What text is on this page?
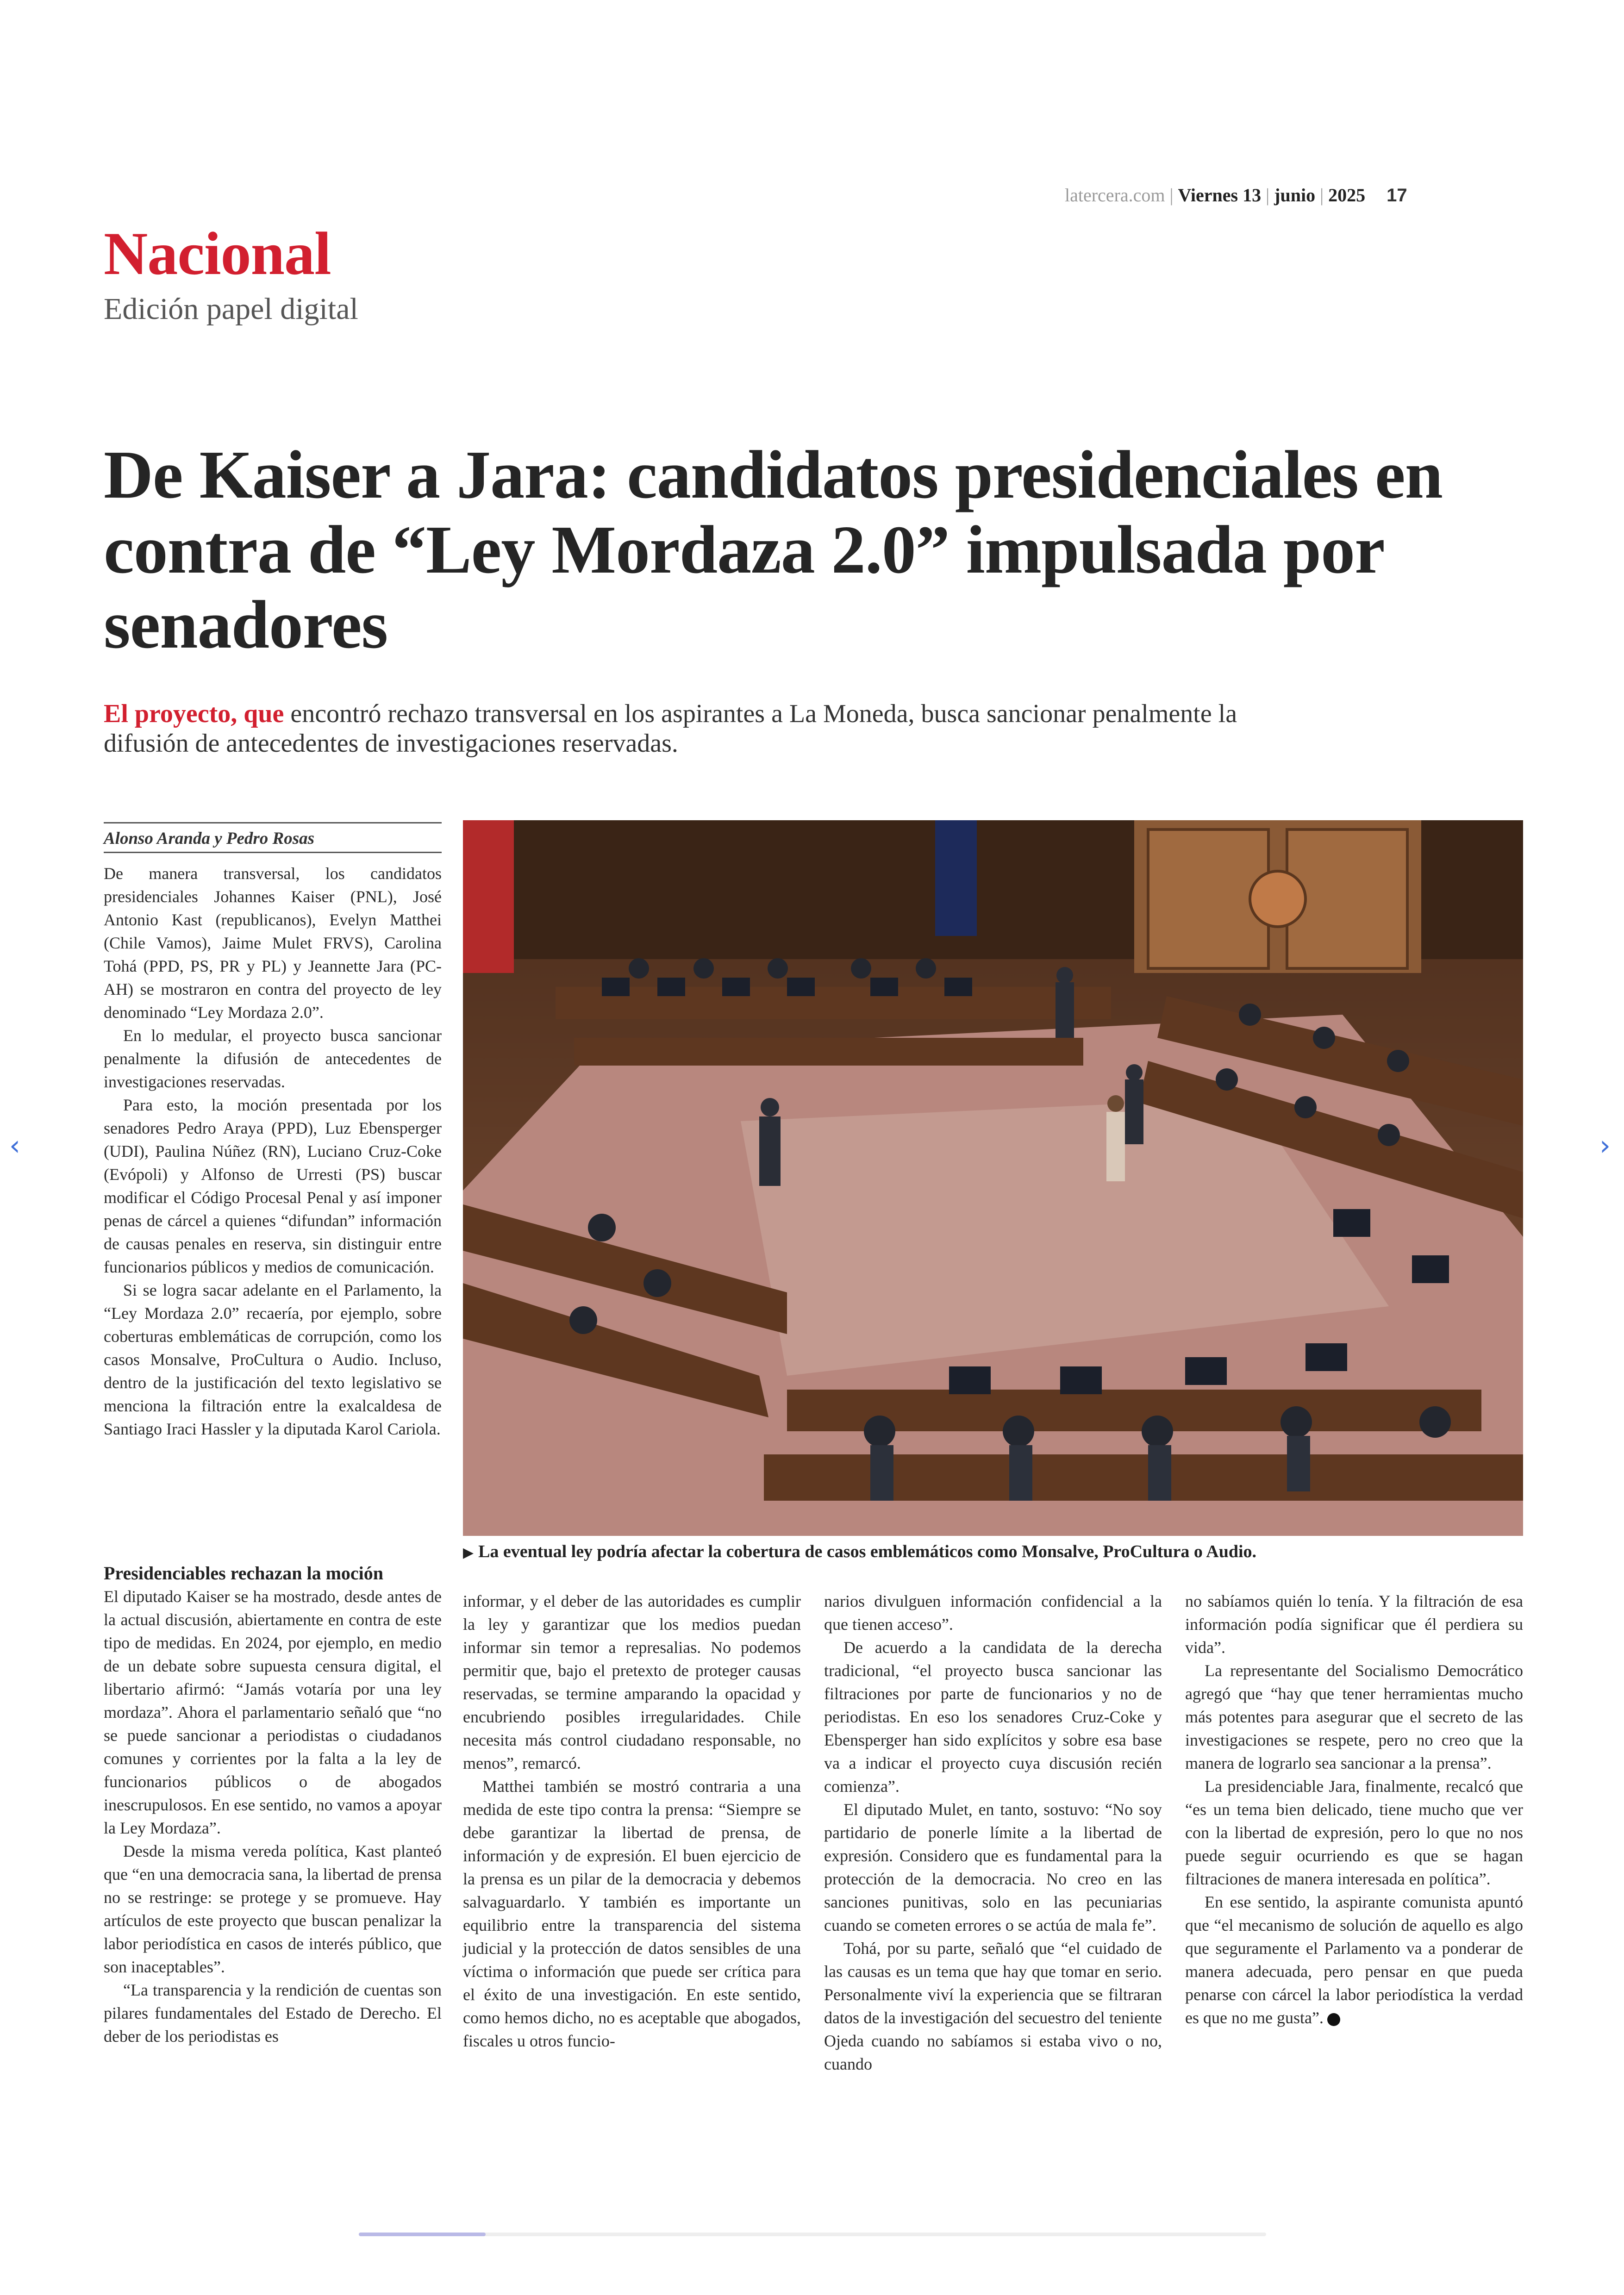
latercera.com | Viernes 13 | junio | 2025 17
Nacional
Edición papel digital
De Kaiser a Jara: candidatos presidenciales en contra de “Ley Mordaza 2.0” impulsada por senadores
El proyecto, que encontró rechazo transversal en los aspirantes a La Moneda, busca sancionar penalmente la difusión de antecedentes de investigaciones reservadas.
Alonso Aranda y Pedro Rosas

De manera transversal, los candidatos presidenciales Johannes Kaiser (PNL), José Antonio Kast (republicanos), Evelyn Matthei (Chile Vamos), Jaime Mulet FRVS), Carolina Tohá (PPD, PS, PR y PL) y Jeannette Jara (PC-AH) se mostraron en contra del proyecto de ley denominado “Ley Mordaza 2.0”.

En lo medular, el proyecto busca sancionar penalmente la difusión de antecedentes de investigaciones reservadas.

Para esto, la moción presentada por los senadores Pedro Araya (PPD), Luz Ebensperger (UDI), Paulina Núñez (RN), Luciano Cruz-Coke (Evópoli) y Alfonso de Urresti (PS) buscar modificar el Código Procesal Penal y así imponer penas de cárcel a quienes “difundan” información de causas penales en reserva, sin distinguir entre funcionarios públicos y medios de comunicación.

Si se logra sacar adelante en el Parlamento, la “Ley Mordaza 2.0” recaería, por ejemplo, sobre coberturas emblemáticas de corrupción, como los casos Monsalve, ProCultura o Audio. Incluso, dentro de la justificación del texto legislativo se menciona la filtración entre la exalcaldesa de Santiago Iraci Hassler y la diputada Karol Cariola.

▶ La eventual ley podría afectar la cobertura de casos emblemáticos como Monsalve, ProCultura o Audio.
Presidenciables rechazan la moción

El diputado Kaiser se ha mostrado, desde antes de la actual discusión, abiertamente en contra de este tipo de medidas. En 2024, por ejemplo, en medio de un debate sobre supuesta censura digital, el libertario afirmó: “Jamás votaría por una ley mordaza”. Ahora el parlamentario señaló que “no se puede sancionar a periodistas o ciudadanos comunes y corrientes por la falta a la ley de funcionarios públicos o de abogados inescrupulosos. En ese sentido, no vamos a apoyar la Ley Mordaza”.

Desde la misma vereda política, Kast planteó que “en una democracia sana, la libertad de prensa no se restringe: se protege y se promueve. Hay artículos de este proyecto que buscan penalizar la labor periodística en casos de interés público, que son inaceptables”.

“La transparencia y la rendición de cuentas son pilares fundamentales del Estado de Derecho. El deber de los periodistas es

informar, y el deber de las autoridades es cumplir la ley y garantizar que los medios puedan informar sin temor a represalias. No podemos permitir que, bajo el pretexto de proteger causas reservadas, se termine amparando la opacidad y encubriendo posibles irregularidades. Chile necesita más control ciudadano responsable, no menos”, remarcó.

Matthei también se mostró contraria a una medida de este tipo contra la prensa: “Siempre se debe garantizar la libertad de prensa, de información y de expresión. El buen ejercicio de la prensa es un pilar de la democracia y debemos salvaguardarlo. Y también es importante un equilibrio entre la transparencia del sistema judicial y la protección de datos sensibles de una víctima o información que puede ser crítica para el éxito de una investigación. En este sentido, como hemos dicho, no es aceptable que abogados, fiscales u otros funcio-

narios divulguen información confidencial a la que tienen acceso”.

De acuerdo a la candidata de la derecha tradicional, “el proyecto busca sancionar las filtraciones por parte de funcionarios y no de periodistas. En eso los senadores Cruz-Coke y Ebensperger han sido explícitos y sobre esa base va a indicar el proyecto cuya discusión recién comienza”.

El diputado Mulet, en tanto, sostuvo: “No soy partidario de ponerle límite a la libertad de expresión. Considero que es fundamental para la protección de la democracia. No creo en las sanciones punitivas, solo en las pecuniarias cuando se cometen errores o se actúa de mala fe”.

Tohá, por su parte, señaló que “el cuidado de las causas es un tema que hay que tomar en serio. Personalmente viví la experiencia que se filtraran datos de la investigación del secuestro del teniente Ojeda cuando no sabíamos si estaba vivo o no, cuando

no sabíamos quién lo tenía. Y la filtración de esa información podía significar que él perdiera su vida”.

La representante del Socialismo Democrático agregó que “hay que tener herramientas mucho más potentes para asegurar que el secreto de las investigaciones se respete, pero no creo que la manera de lograrlo sea sancionar a la prensa”.

La presidenciable Jara, finalmente, recalcó que “es un tema bien delicado, tiene mucho que ver con la libertad de expresión, pero lo que no nos puede seguir ocurriendo es que se hagan filtraciones de manera interesada en política”.

En ese sentido, la aspirante comunista apuntó que “el mecanismo de solución de aquello es algo que seguramente el Parlamento va a ponderar de manera adecuada, pero pensar en que pueda penarse con cárcel la labor periodística la verdad es que no me gusta”.

‹	›
